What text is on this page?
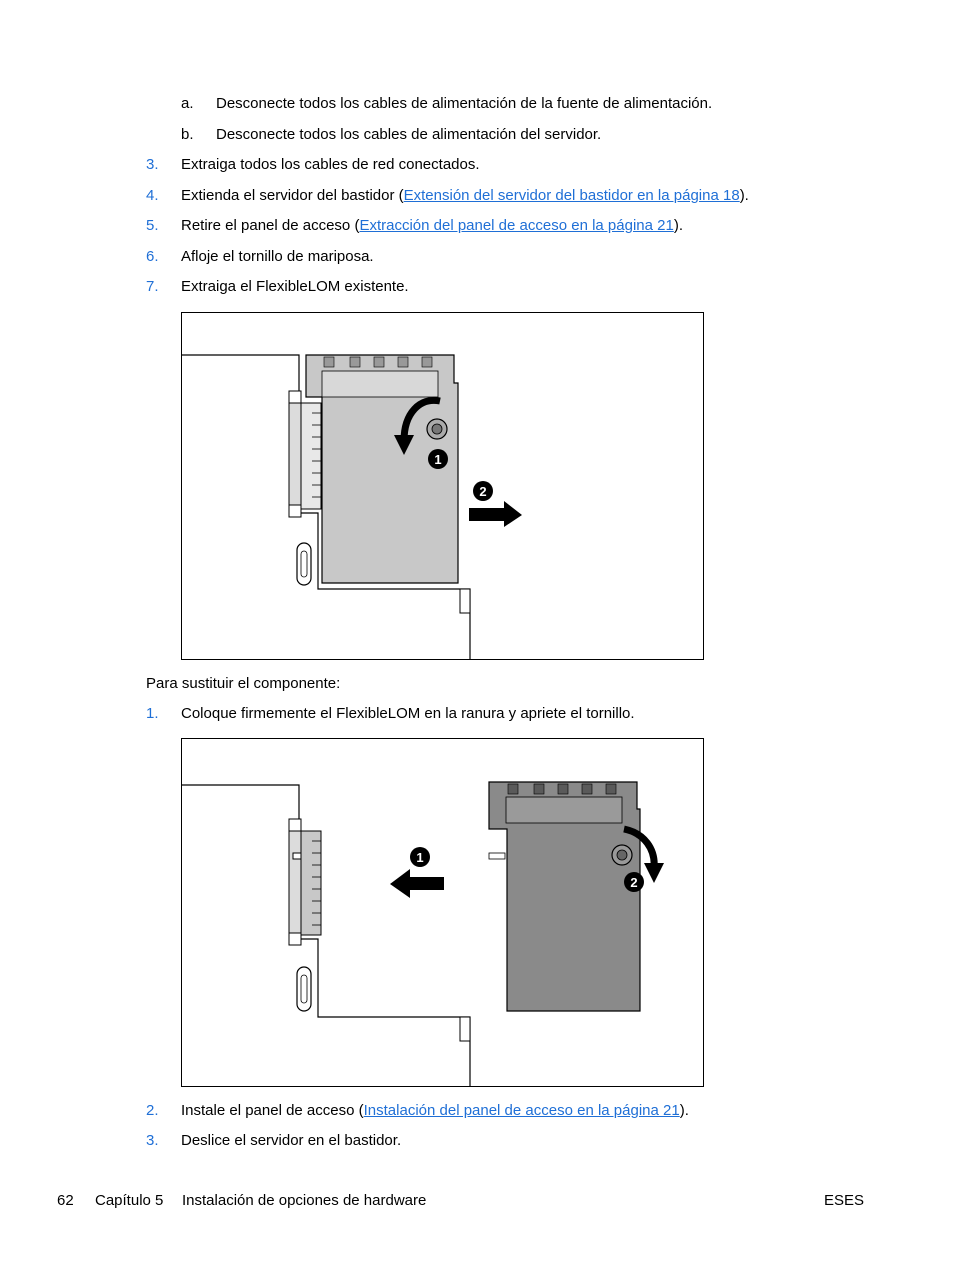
a. Desconecte todos los cables de alimentación de la fuente de alimentación.
b. Desconecte todos los cables de alimentación del servidor.
3. Extraiga todos los cables de red conectados.
4. Extienda el servidor del bastidor (Extensión del servidor del bastidor en la página 18).
5. Retire el panel de acceso (Extracción del panel de acceso en la página 21).
6. Afloje el tornillo de mariposa.
7. Extraiga el FlexibleLOM existente.
1
2
Para sustituir el componente:
1. Coloque firmemente el FlexibleLOM en la ranura y apriete el tornillo.
1
2
2. Instale el panel de acceso (Instalación del panel de acceso en la página 21).
3. Deslice el servidor en el bastidor.
62 Capítulo 5 Instalación de opciones de hardware	ESES
